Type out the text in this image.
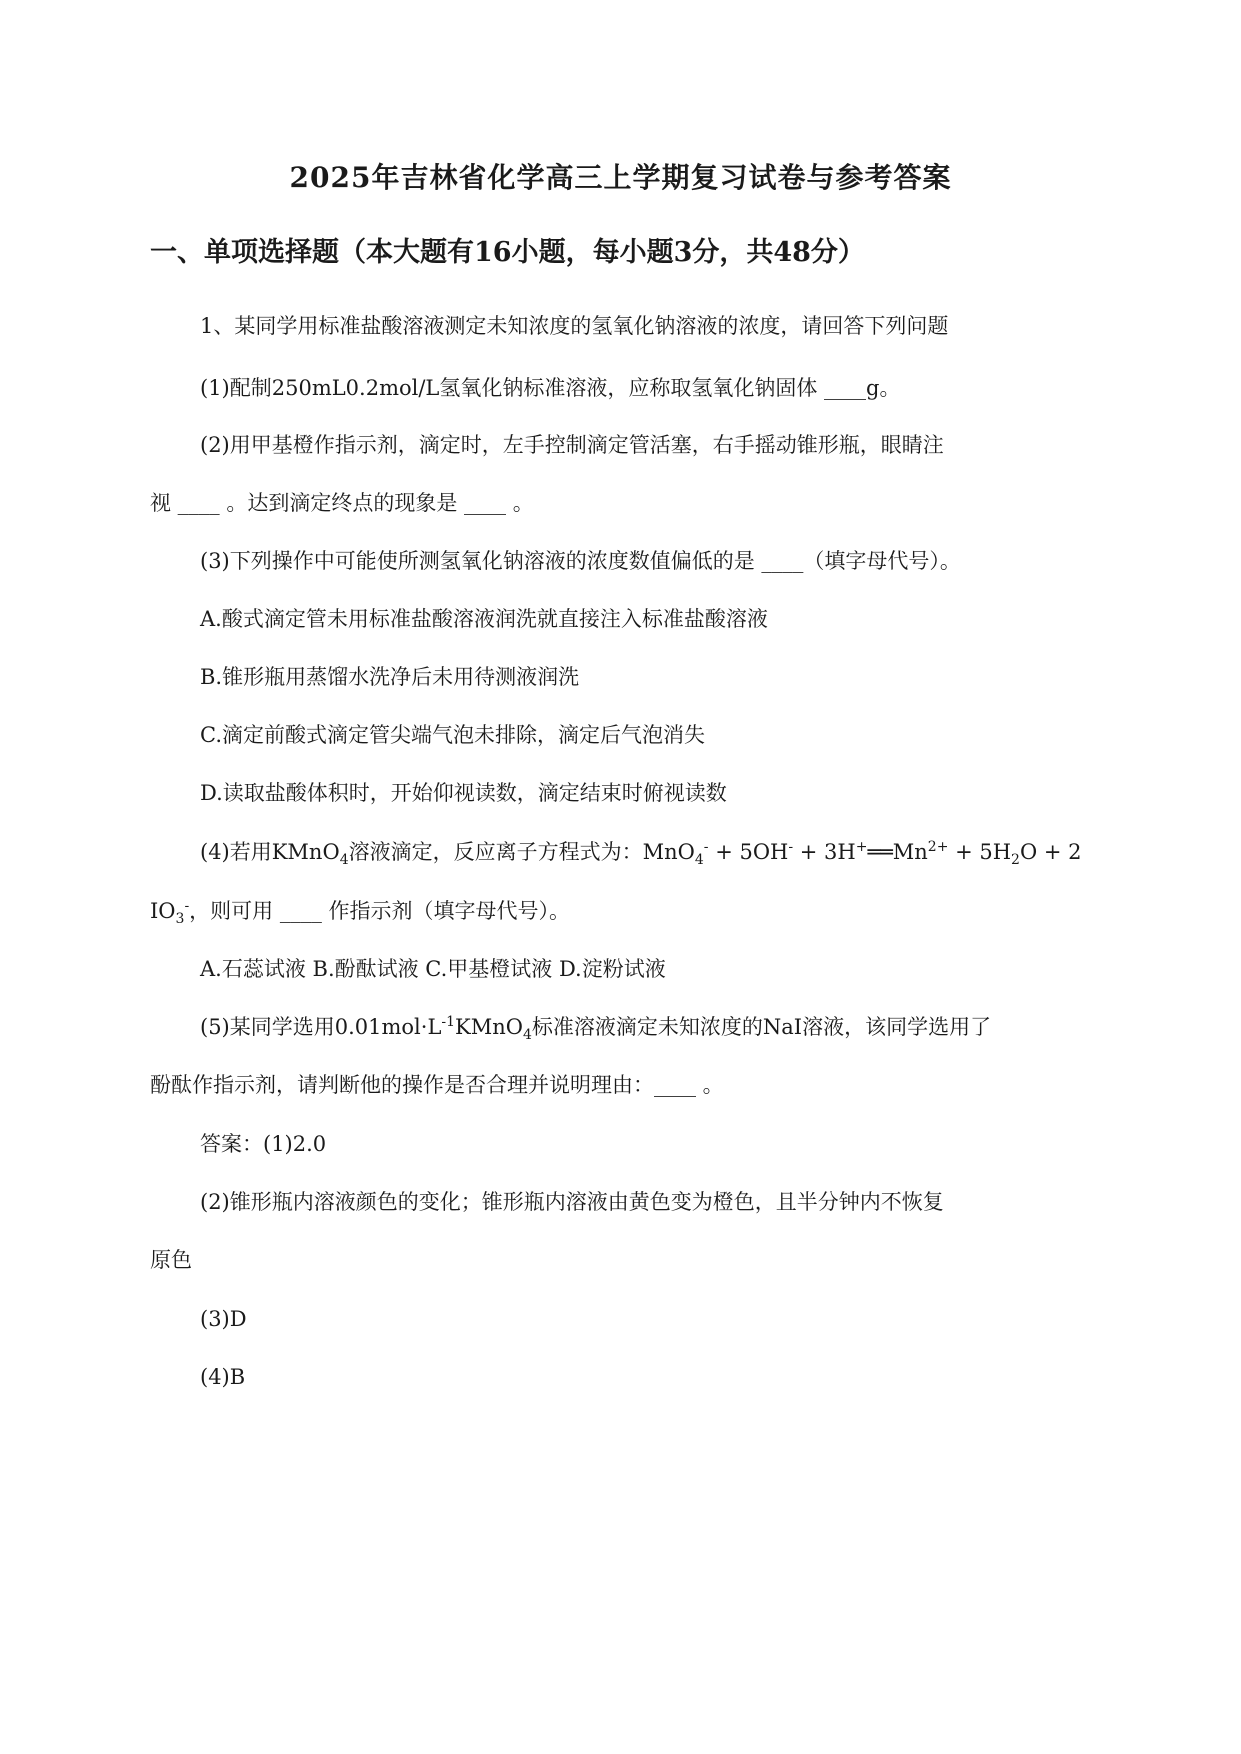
2025年吉林省化学高三上学期复习试卷与参考答案
一、单项选择题（本大题有16小题，每小题3分，共48分）
1、某同学用标准盐酸溶液测定未知浓度的氢氧化钠溶液的浓度，请回答下列问题
(1)配制250mL0.2mol/L氢氧化钠标准溶液，应称取氢氧化钠固体 ____g。
(2)用甲基橙作指示剂，滴定时，左手控制滴定管活塞，右手摇动锥形瓶，眼睛注
视 ____ 。达到滴定终点的现象是 ____ 。
(3)下列操作中可能使所测氢氧化钠溶液的浓度数值偏低的是 ____（填字母代号）。
A.酸式滴定管未用标准盐酸溶液润洗就直接注入标准盐酸溶液
B.锥形瓶用蒸馏水洗净后未用待测液润洗
C.滴定前酸式滴定管尖端气泡未排除，滴定后气泡消失
D.读取盐酸体积时，开始仰视读数，滴定结束时俯视读数
(4)若用KMnO$_4$溶液滴定，反应离子方程式为：$MnO_4^- + 5OH^- + 3H^+══Mn^{2+} + 5H_2O + 2$
$IO_3^-$，则可用 ____ 作指示剂（填字母代号）。
A.石蕊试液 B.酚酞试液 C.甲基橙试液 D.淀粉试液
(5)某同学选用$0.01mol\cdot L^{-1}KMnO_4$标准溶液滴定未知浓度的NaI溶液，该同学选用了
酚酞作指示剂，请判断他的操作是否合理并说明理由：____ 。
答案：(1)2.0
(2)锥形瓶内溶液颜色的变化；锥形瓶内溶液由黄色变为橙色，且半分钟内不恢复
原色
(3)D
(4)B
